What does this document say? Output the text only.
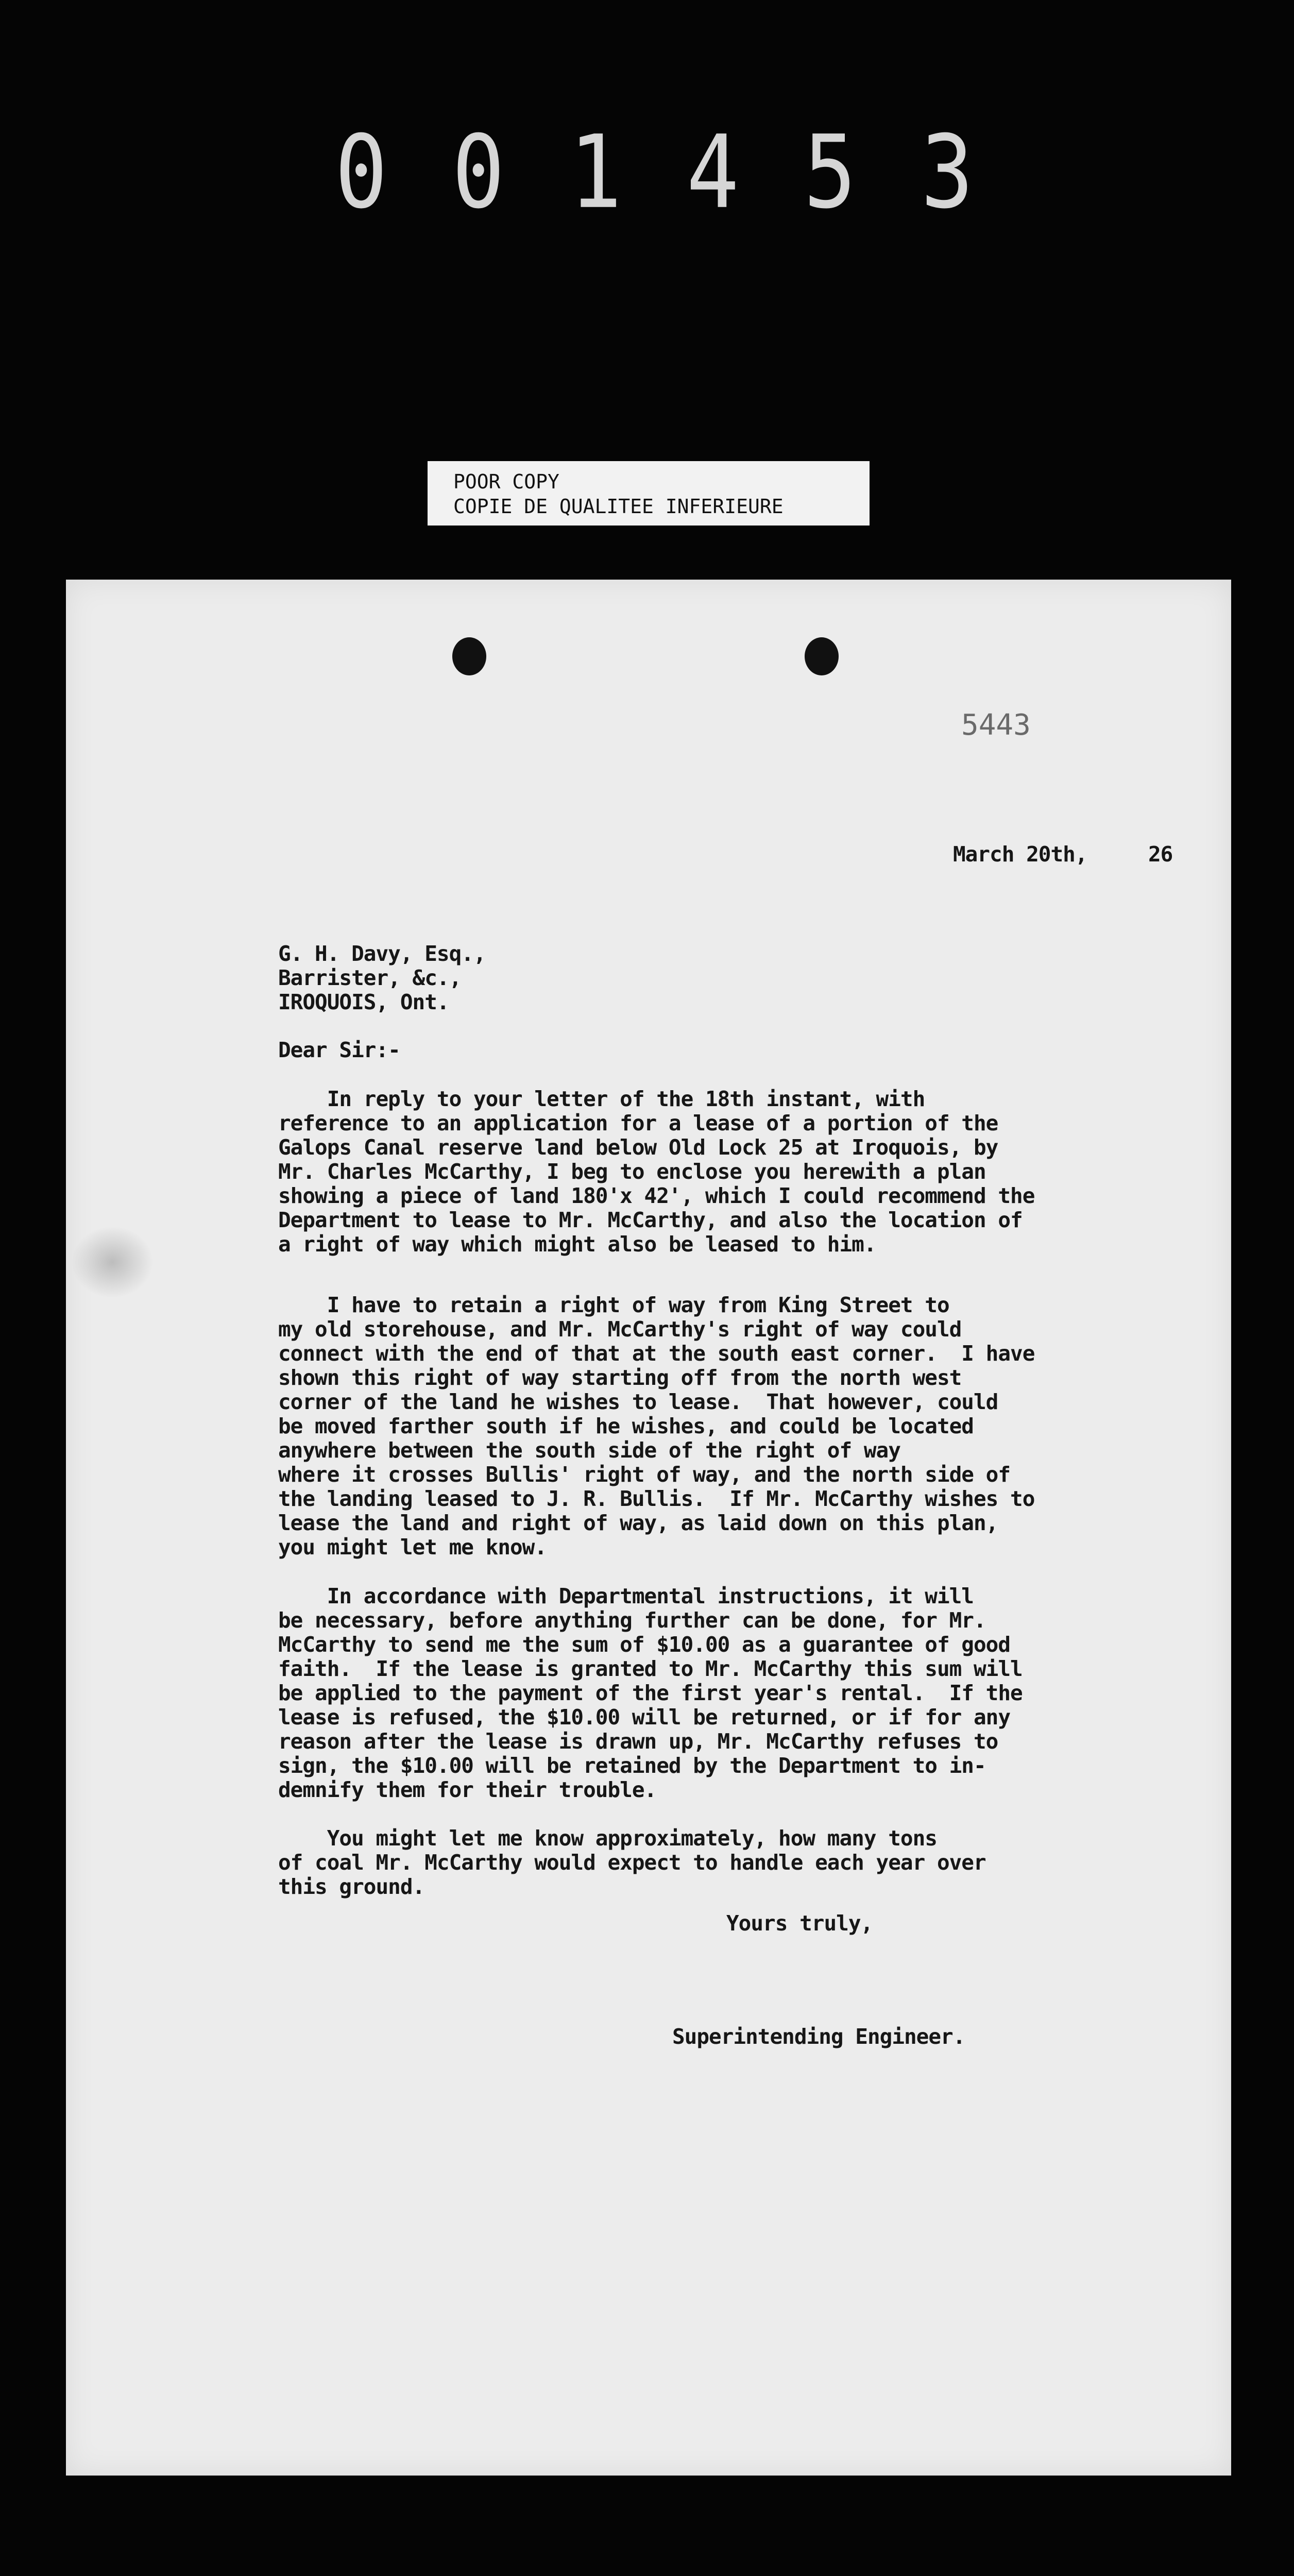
0 0 1 4 5 3
POOR COPY
COPIE DE QUALITEE INFERIEURE
5443

March 20th,     26

G. H. Davy, Esq.,

Barrister, &c.,

IROQUOIS, Ont.

Dear Sir:-

In reply to your letter of the 18th instant, with

reference to an application for a lease of a portion of the

Galops Canal reserve land below Old Lock 25 at Iroquois, by

Mr. Charles McCarthy, I beg to enclose you herewith a plan

showing a piece of land 180'x 42', which I could recommend the

Department to lease to Mr. McCarthy, and also the location of

a right of way which might also be leased to him.

I have to retain a right of way from King Street to

my old storehouse, and Mr. McCarthy's right of way could

connect with the end of that at the south east corner.  I have

shown this right of way starting off from the north west

corner of the land he wishes to lease.  That however, could

be moved farther south if he wishes, and could be located

anywhere between the south side of the right of way

where it crosses Bullis' right of way, and the north side of

the landing leased to J. R. Bullis.  If Mr. McCarthy wishes to

lease the land and right of way, as laid down on this plan,

you might let me know.

In accordance with Departmental instructions, it will

be necessary, before anything further can be done, for Mr.

McCarthy to send me the sum of $10.00 as a guarantee of good

faith.  If the lease is granted to Mr. McCarthy this sum will

be applied to the payment of the first year's rental.  If the

lease is refused, the $10.00 will be returned, or if for any

reason after the lease is drawn up, Mr. McCarthy refuses to

sign, the $10.00 will be retained by the Department to in-

demnify them for their trouble.

You might let me know approximately, how many tons

of coal Mr. McCarthy would expect to handle each year over

this ground.

Yours truly,

Superintending Engineer.
